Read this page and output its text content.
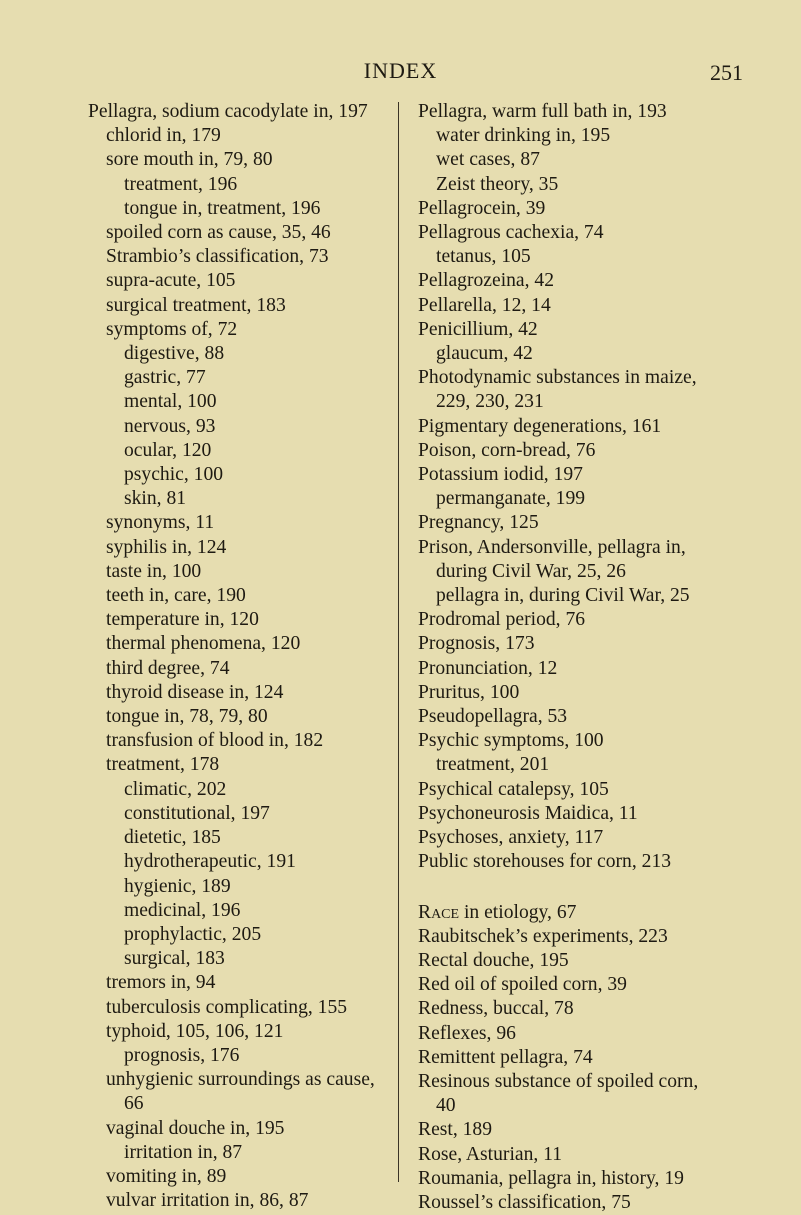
INDEX	251
Pellagra, sodium cacodylate in, 197
chlorid in, 179
sore mouth in, 79, 80
treatment, 196
tongue in, treatment, 196
spoiled corn as cause, 35, 46
Strambio’s classification, 73
supra-acute, 105
surgical treatment, 183
symptoms of, 72
digestive, 88
gastric, 77
mental, 100
nervous, 93
ocular, 120
psychic, 100
skin, 81
synonyms, 11
syphilis in, 124
taste in, 100
teeth in, care, 190
temperature in, 120
thermal phenomena, 120
third degree, 74
thyroid disease in, 124
tongue in, 78, 79, 80
transfusion of blood in, 182
treatment, 178
climatic, 202
constitutional, 197
dietetic, 185
hydrotherapeutic, 191
hygienic, 189
medicinal, 196
prophylactic, 205
surgical, 183
tremors in, 94
tuberculosis complicating, 155
typhoid, 105, 106, 121
prognosis, 176
unhygienic surroundings as cause,
66
vaginal douche in, 195
irritation in, 87
vomiting in, 89
vulvar irritation in, 86, 87
Pellagra, warm full bath in, 193
water drinking in, 195
wet cases, 87
Zeist theory, 35
Pellagrocein, 39
Pellagrous cachexia, 74
tetanus, 105
Pellagrozeina, 42
Pellarella, 12, 14
Penicillium, 42
glaucum, 42
Photodynamic substances in maize,
229, 230, 231
Pigmentary degenerations, 161
Poison, corn-bread, 76
Potassium iodid, 197
permanganate, 199
Pregnancy, 125
Prison, Andersonville, pellagra in,
during Civil War, 25, 26
pellagra in, during Civil War, 25
Prodromal period, 76
Prognosis, 173
Pronunciation, 12
Pruritus, 100
Pseudopellagra, 53
Psychic symptoms, 100
treatment, 201
Psychical catalepsy, 105
Psychoneurosis Maidica, 11
Psychoses, anxiety, 117
Public storehouses for corn, 213
Race in etiology, 67
Raubitschek’s experiments, 223
Rectal douche, 195
Red oil of spoiled corn, 39
Redness, buccal, 78
Reflexes, 96
Remittent pellagra, 74
Resinous substance of spoiled corn,
40
Rest, 189
Rose, Asturian, 11
Roumania, pellagra in, history, 19
Roussel’s classification, 75
